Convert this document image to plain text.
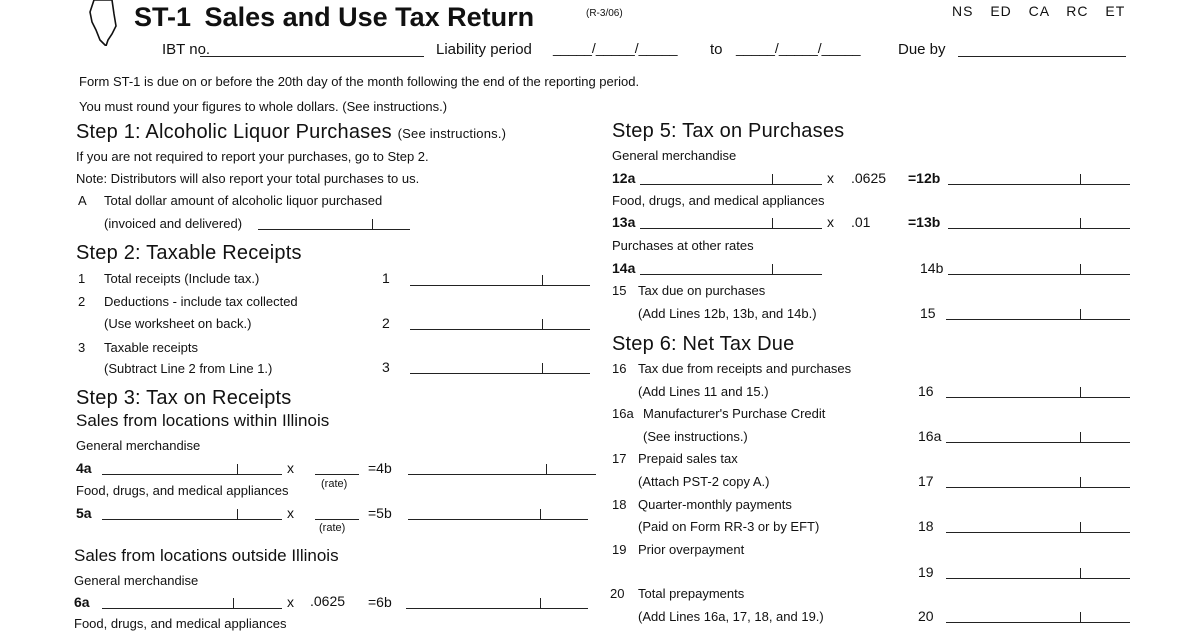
ST-1 Sales and Use Tax Return	(R-3/06)	NS ED CA RC ET
IBT no.	Liability period _____/_____/_____ to _____/_____/_____ Due by
Form ST-1 is due on or before the 20th day of the month following the end of the reporting period.
You must round your figures to whole dollars. (See instructions.)
Step 1: Alcoholic Liquor Purchases (See instructions.)
If you are not required to report your purchases, go to Step 2.
Note: Distributors will also report your total purchases to us.
A Total dollar amount of alcoholic liquor purchased
(invoiced and delivered)
Step 2: Taxable Receipts
1 Total receipts (Include tax.)	1
2 Deductions - include tax collected
(Use worksheet on back.)	2
3 Taxable receipts
(Subtract Line 2 from Line 1.)	3
Step 3: Tax on Receipts
Sales from locations within Illinois
General merchandise
4a	x	=4b
Food, drugs, and medical appliances	(rate)
5a	x	=5b
(rate)
Sales from locations outside Illinois
General merchandise
6a	x .0625 =6b
Food, drugs, and medical appliances
Step 5: Tax on Purchases
General merchandise
12a	x .0625 =12b
Food, drugs, and medical appliances
13a	x .01	=13b
Purchases at other rates
14a	14b
15 Tax due on purchases
(Add Lines 12b, 13b, and 14b.)	15
Step 6: Net Tax Due
16 Tax due from receipts and purchases
(Add Lines 11 and 15.)	16
16a Manufacturer's Purchase Credit
(See instructions.)	16a
17 Prepaid sales tax
(Attach PST-2 copy A.)	17
18 Quarter-monthly payments
(Paid on Form RR-3 or by EFT)	18
19 Prior overpayment
19
20 Total prepayments
(Add Lines 16a, 17, 18, and 19.)	20
